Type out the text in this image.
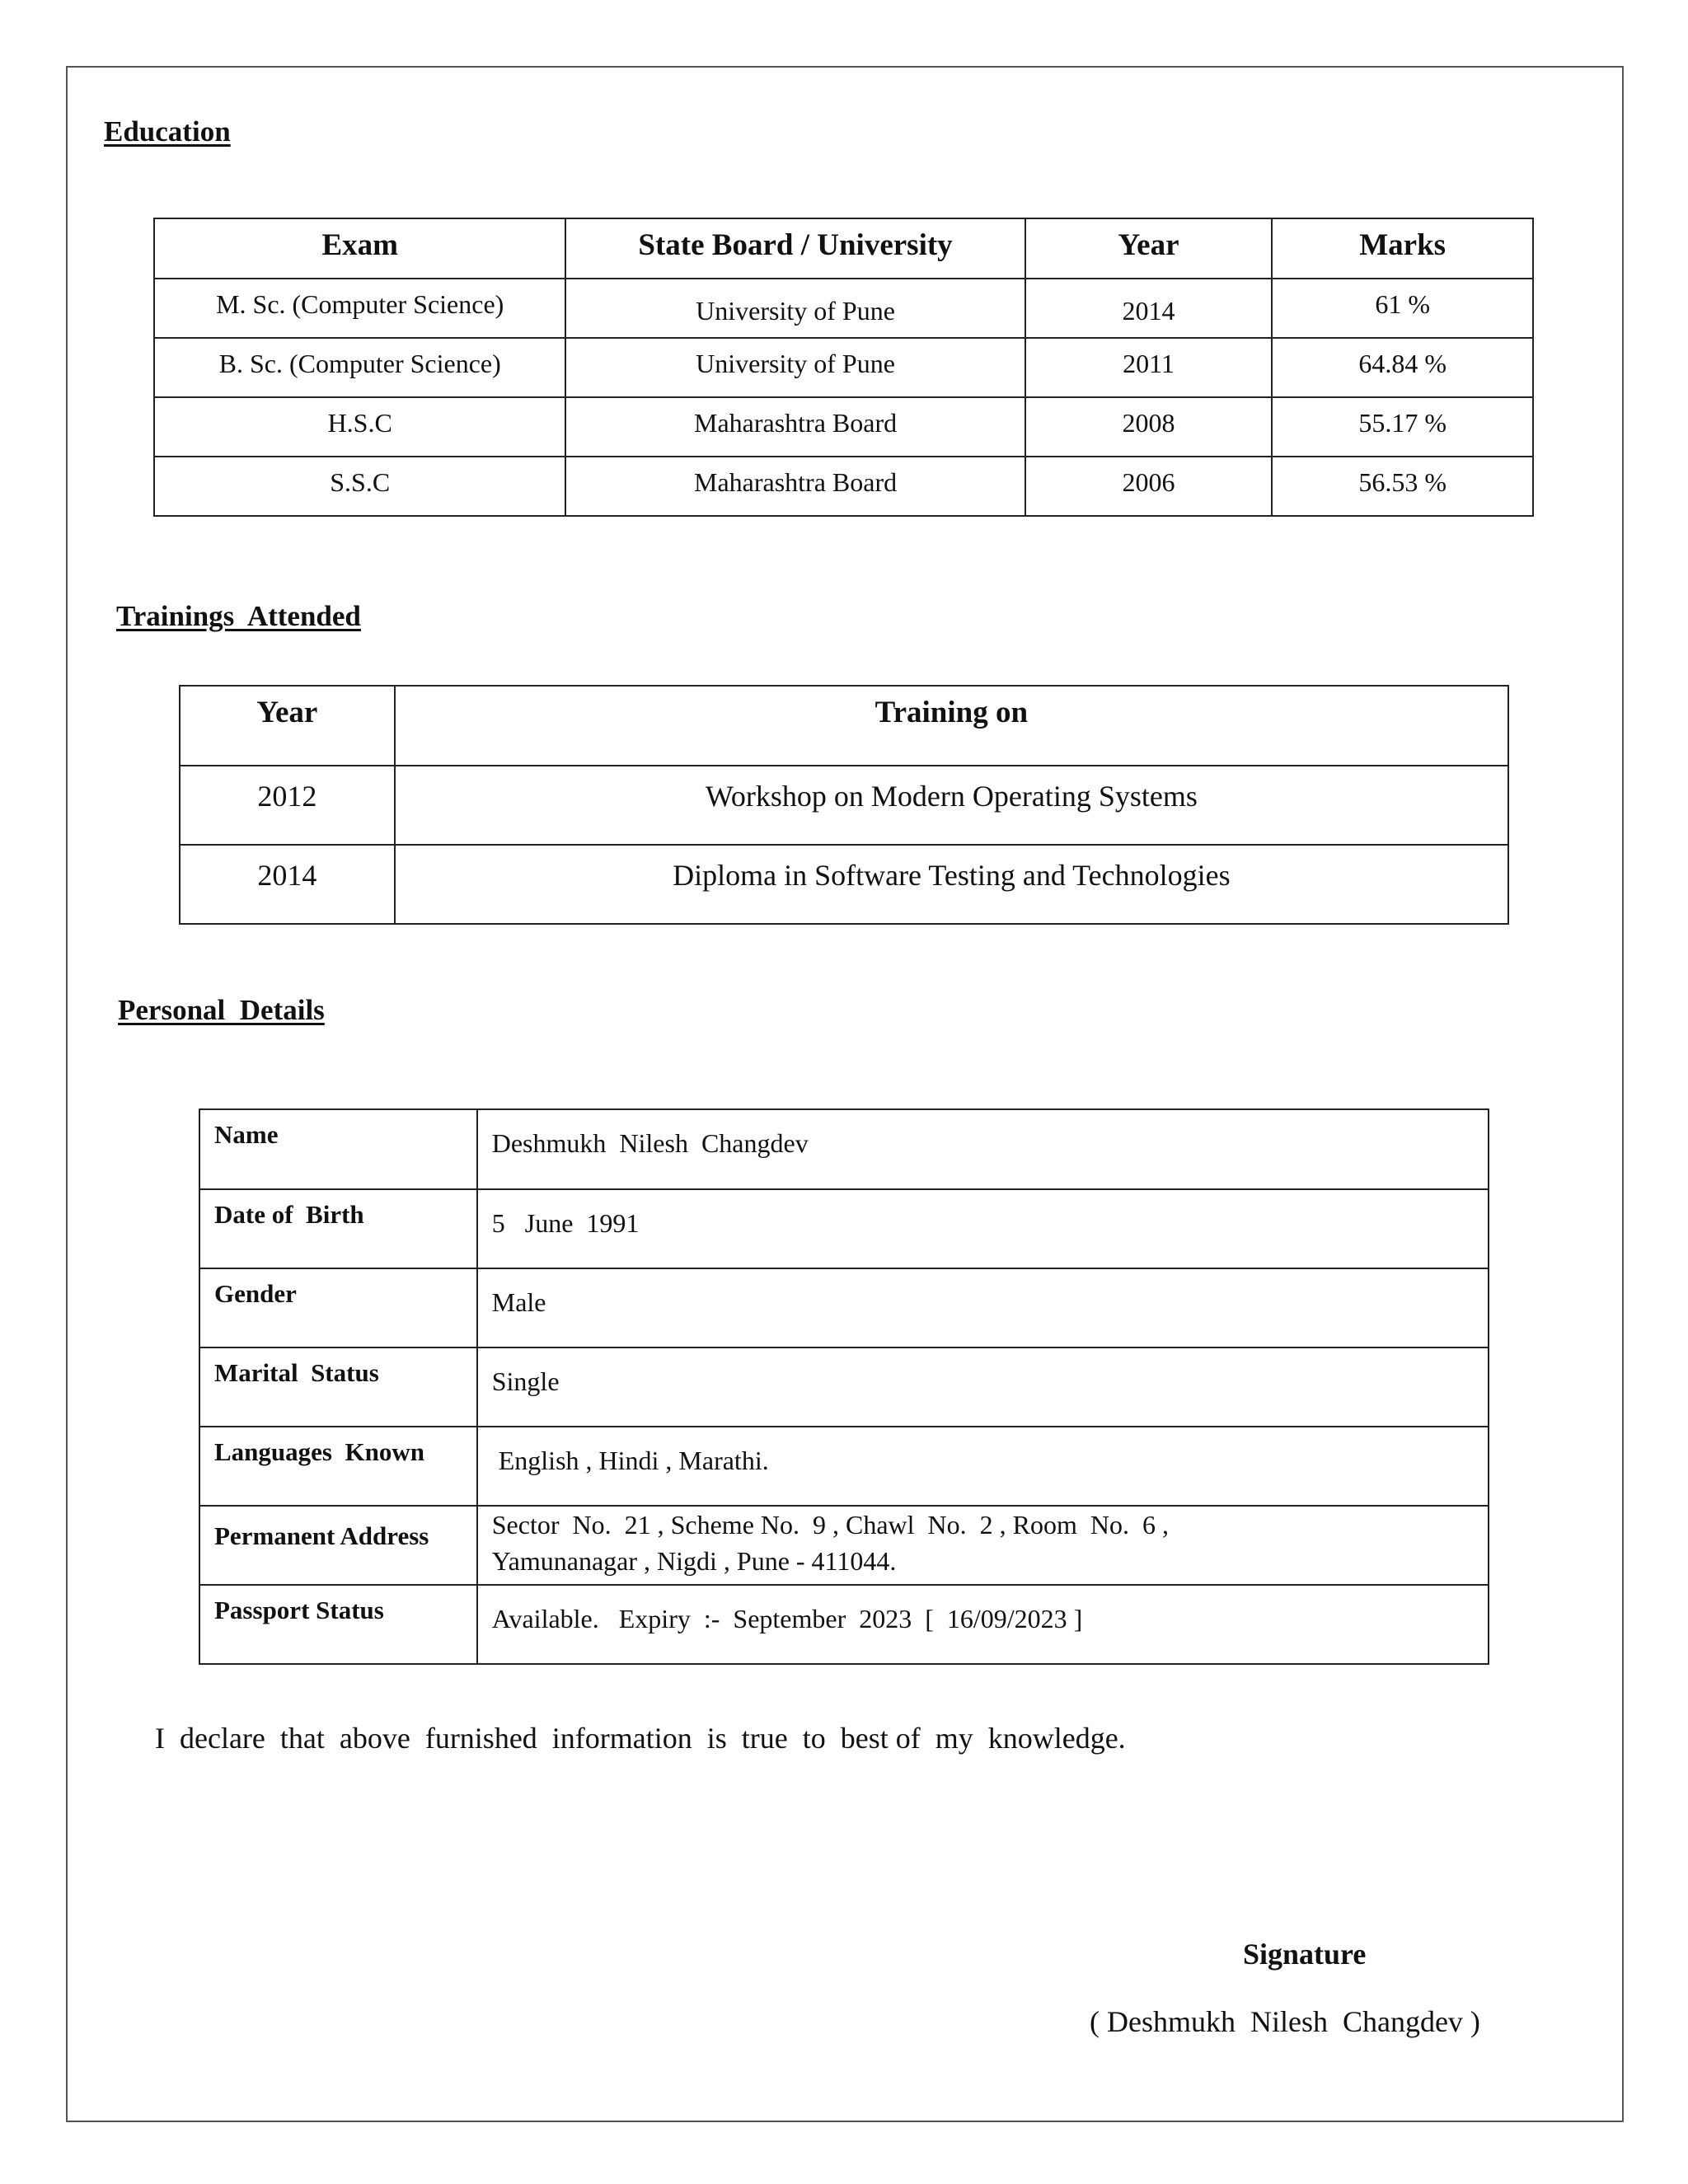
Education
Exam	State Board / University	Year	Marks
M. Sc. (Computer Science)	University of Pune	2014	61 %
B. Sc. (Computer Science)	University of Pune	2011	64.84 %
H.S.C	Maharashtra Board	2008	55.17 %
S.S.C	Maharashtra Board	2006	56.53 %
Trainings  Attended
Year	Training on
2012	Workshop on Modern Operating Systems
2014	Diploma in Software Testing and Technologies
Personal  Details
Name	Deshmukh  Nilesh  Changdev
Date of  Birth	5   June  1991
Gender	Male
Marital  Status	Single
Languages  Known	English , Hindi , Marathi.
Permanent Address	Sector  No.  21 , Scheme No.  9 , Chawl  No.  2 , Room  No.  6 ,
Yamunanagar , Nigdi , Pune - 411044.

Passport Status	Available.   Expiry  :-  September  2023  [  16/09/2023 ]
I  declare  that  above  furnished  information  is  true  to  best of  my  knowledge.
Signature
( Deshmukh  Nilesh  Changdev )
